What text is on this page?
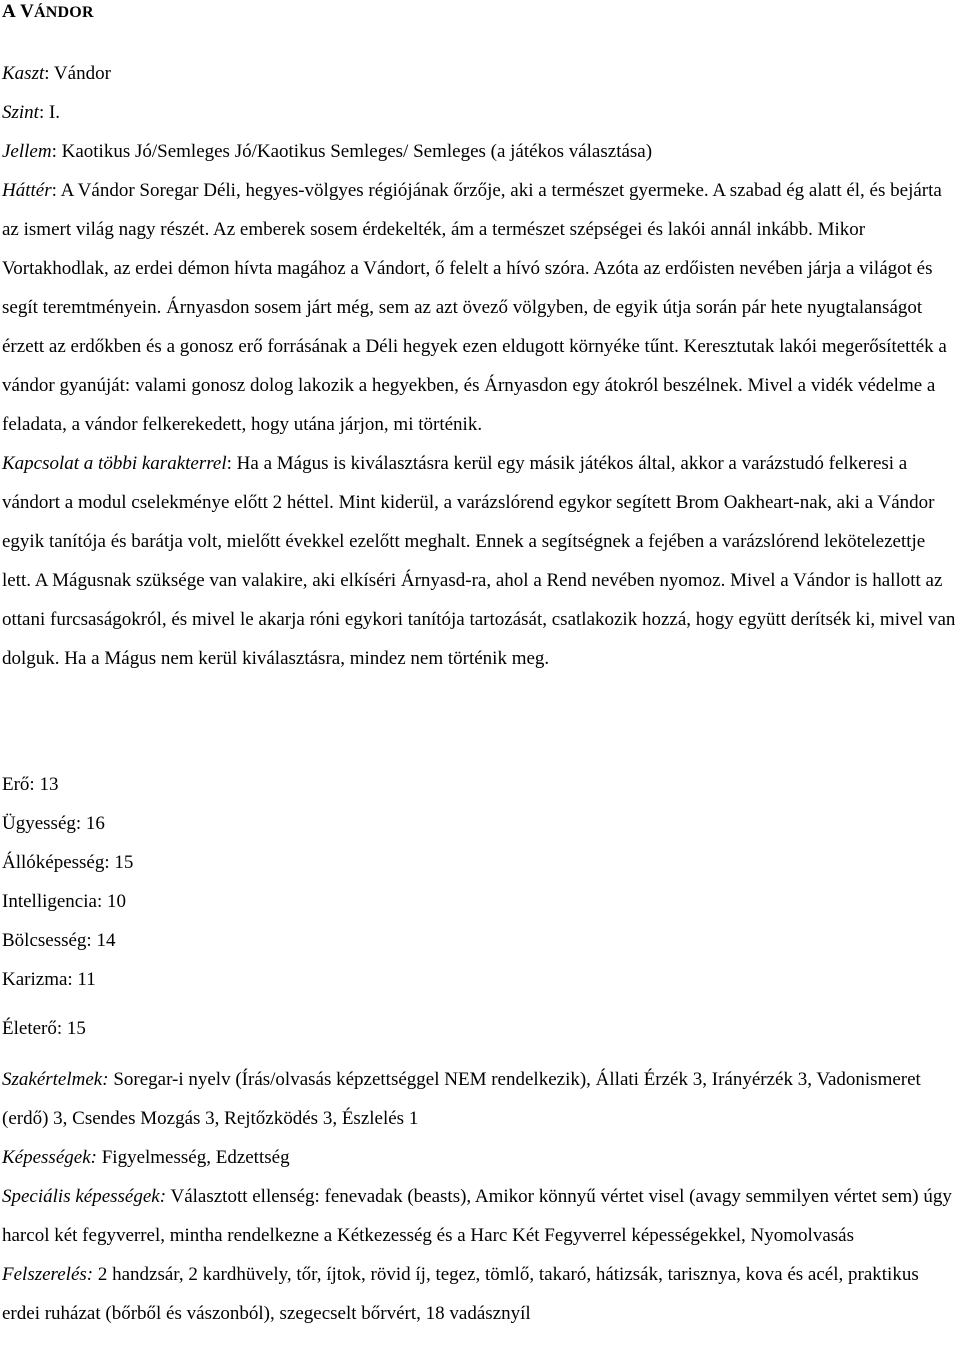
A VÁNDOR

Kaszt: Vándor

Szint: I.

Jellem: Kaotikus Jó/Semleges Jó/Kaotikus Semleges/ Semleges (a játékos választása)

Háttér: A Vándor Soregar Déli, hegyes-völgyes régiójának őrzője, aki a természet gyermeke. A szabad ég alatt él, és bejárta az ismert világ nagy részét. Az emberek sosem érdekelték, ám a természet szépségei és lakói annál inkább. Mikor Vortakhodlak, az erdei démon hívta magához a Vándort, ő felelt a hívó szóra. Azóta az erdőisten nevében járja a világot és segít teremtményein. Árnyasdon sosem járt még, sem az azt övező völgyben, de egyik útja során pár hete nyugtalanságot érzett az erdőkben és a gonosz erő forrásának a Déli hegyek ezen eldugott környéke tűnt. Keresztutak lakói megerősítették a vándor gyanúját: valami gonosz dolog lakozik a hegyekben, és Árnyasdon egy átokról beszélnek. Mivel a vidék védelme a feladata, a vándor felkerekedett, hogy utána járjon, mi történik.

Kapcsolat a többi karakterrel: Ha a Mágus is kiválasztásra kerül egy másik játékos által, akkor a varázstudó felkeresi a vándort a modul cselekménye előtt 2 héttel. Mint kiderül, a varázslórend egykor segített Brom Oakheart-nak, aki a Vándor egyik tanítója és barátja volt, mielőtt évekkel ezelőtt meghalt. Ennek a segítségnek a fejében a varázslórend lekötelezettje lett. A Mágusnak szüksége van valakire, aki elkíséri Árnyasd-ra, ahol a Rend nevében nyomoz. Mivel a Vándor is hallott az ottani furcsaságokról, és mivel le akarja róni egykori tanítója tartozását, csatlakozik hozzá, hogy együtt derítsék ki, mivel van dolguk. Ha a Mágus nem kerül kiválasztásra, mindez nem történik meg.

Erő: 13

Ügyesség: 16

Állóképesség: 15

Intelligencia: 10

Bölcsesség: 14

Karizma: 11

Életerő: 15

Szakértelmek: Soregar-i nyelv (Írás/olvasás képzettséggel NEM rendelkezik), Állati Érzék 3, Irányérzék 3, Vadonismeret (erdő) 3, Csendes Mozgás 3, Rejtőzködés 3, Észlelés 1

Képességek: Figyelmesség, Edzettség

Speciális képességek: Választott ellenség: fenevadak (beasts), Amikor könnyű vértet visel (avagy semmilyen vértet sem) úgy harcol két fegyverrel, mintha rendelkezne a Kétkezesség és a Harc Két Fegyverrel képességekkel, Nyomolvasás

Felszerelés: 2 handzsár, 2 kardhüvely, tőr, íjtok, rövid íj, tegez, tömlő, takaró, hátizsák, tarisznya, kova és acél, praktikus erdei ruházat (bőrből és vászonból), szegecselt bőrvért, 18 vadásznyíl
